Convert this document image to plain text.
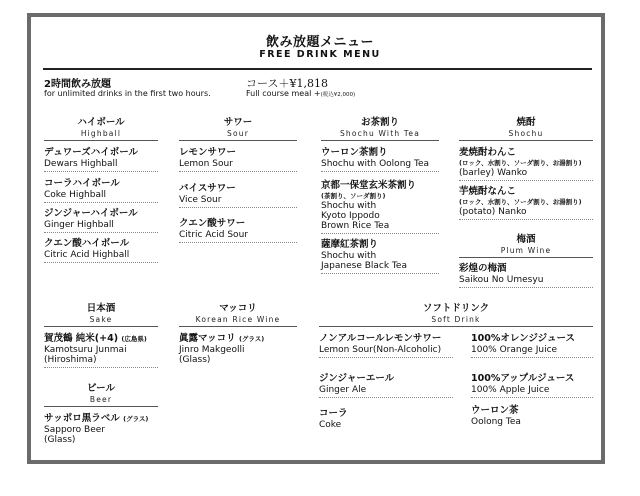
飲み放題メニュー
FREE DRINK MENU
2時間飲み放題
for unlimited drinks in the first two hours.
コース＋¥1,818
Full course meal +(税込¥2,000)
ハイボール
Highball
デュワーズハイボール
Dewars Highball
コーラハイボール
Coke Highball
ジンジャーハイボール
Ginger Highball
クエン酸ハイボール
Citric Acid Highball
サワー
Sour
レモンサワー
Lemon Sour
バイスサワー
Vice Sour
クエン酸サワー
Citric Acid Sour
お茶割り
Shochu With Tea
ウーロン茶割り
Shochu with Oolong Tea
京都一保堂玄米茶割り
(茶割り、ソーダ割り)
Shochu with
Kyoto Ippodo
Brown Rice Tea
薩摩紅茶割り
Shochu with
Japanese Black Tea
焼酎
Shochu
麦焼酎わんこ
(ロック、水割り、ソーダ割り、お湯割り)
(barley) Wanko
芋焼酎なんこ
(ロック、水割り、ソーダ割り、お湯割り)
(potato) Nanko
梅酒
Plum Wine
彩煌の梅酒
Saikou No Umesyu
日本酒
Sake
賀茂鶴 純米(+4) (広島県)
Kamotsuru Junmai
(Hiroshima)
ビール
Beer
サッポロ黒ラベル (グラス)
Sapporo Beer
(Glass)
マッコリ
Korean Rice Wine
眞露マッコリ (グラス)
Jinro Makgeolli
(Glass)
ソフトドリンク
Soft Drink
ノンアルコールレモンサワー
Lemon Sour(Non-Alcoholic)
ジンジャーエール
Ginger Ale
コーラ
Coke
100%オレンジジュース
100% Orange Juice
100%アップルジュース
100% Apple Juice
ウーロン茶
Oolong Tea
